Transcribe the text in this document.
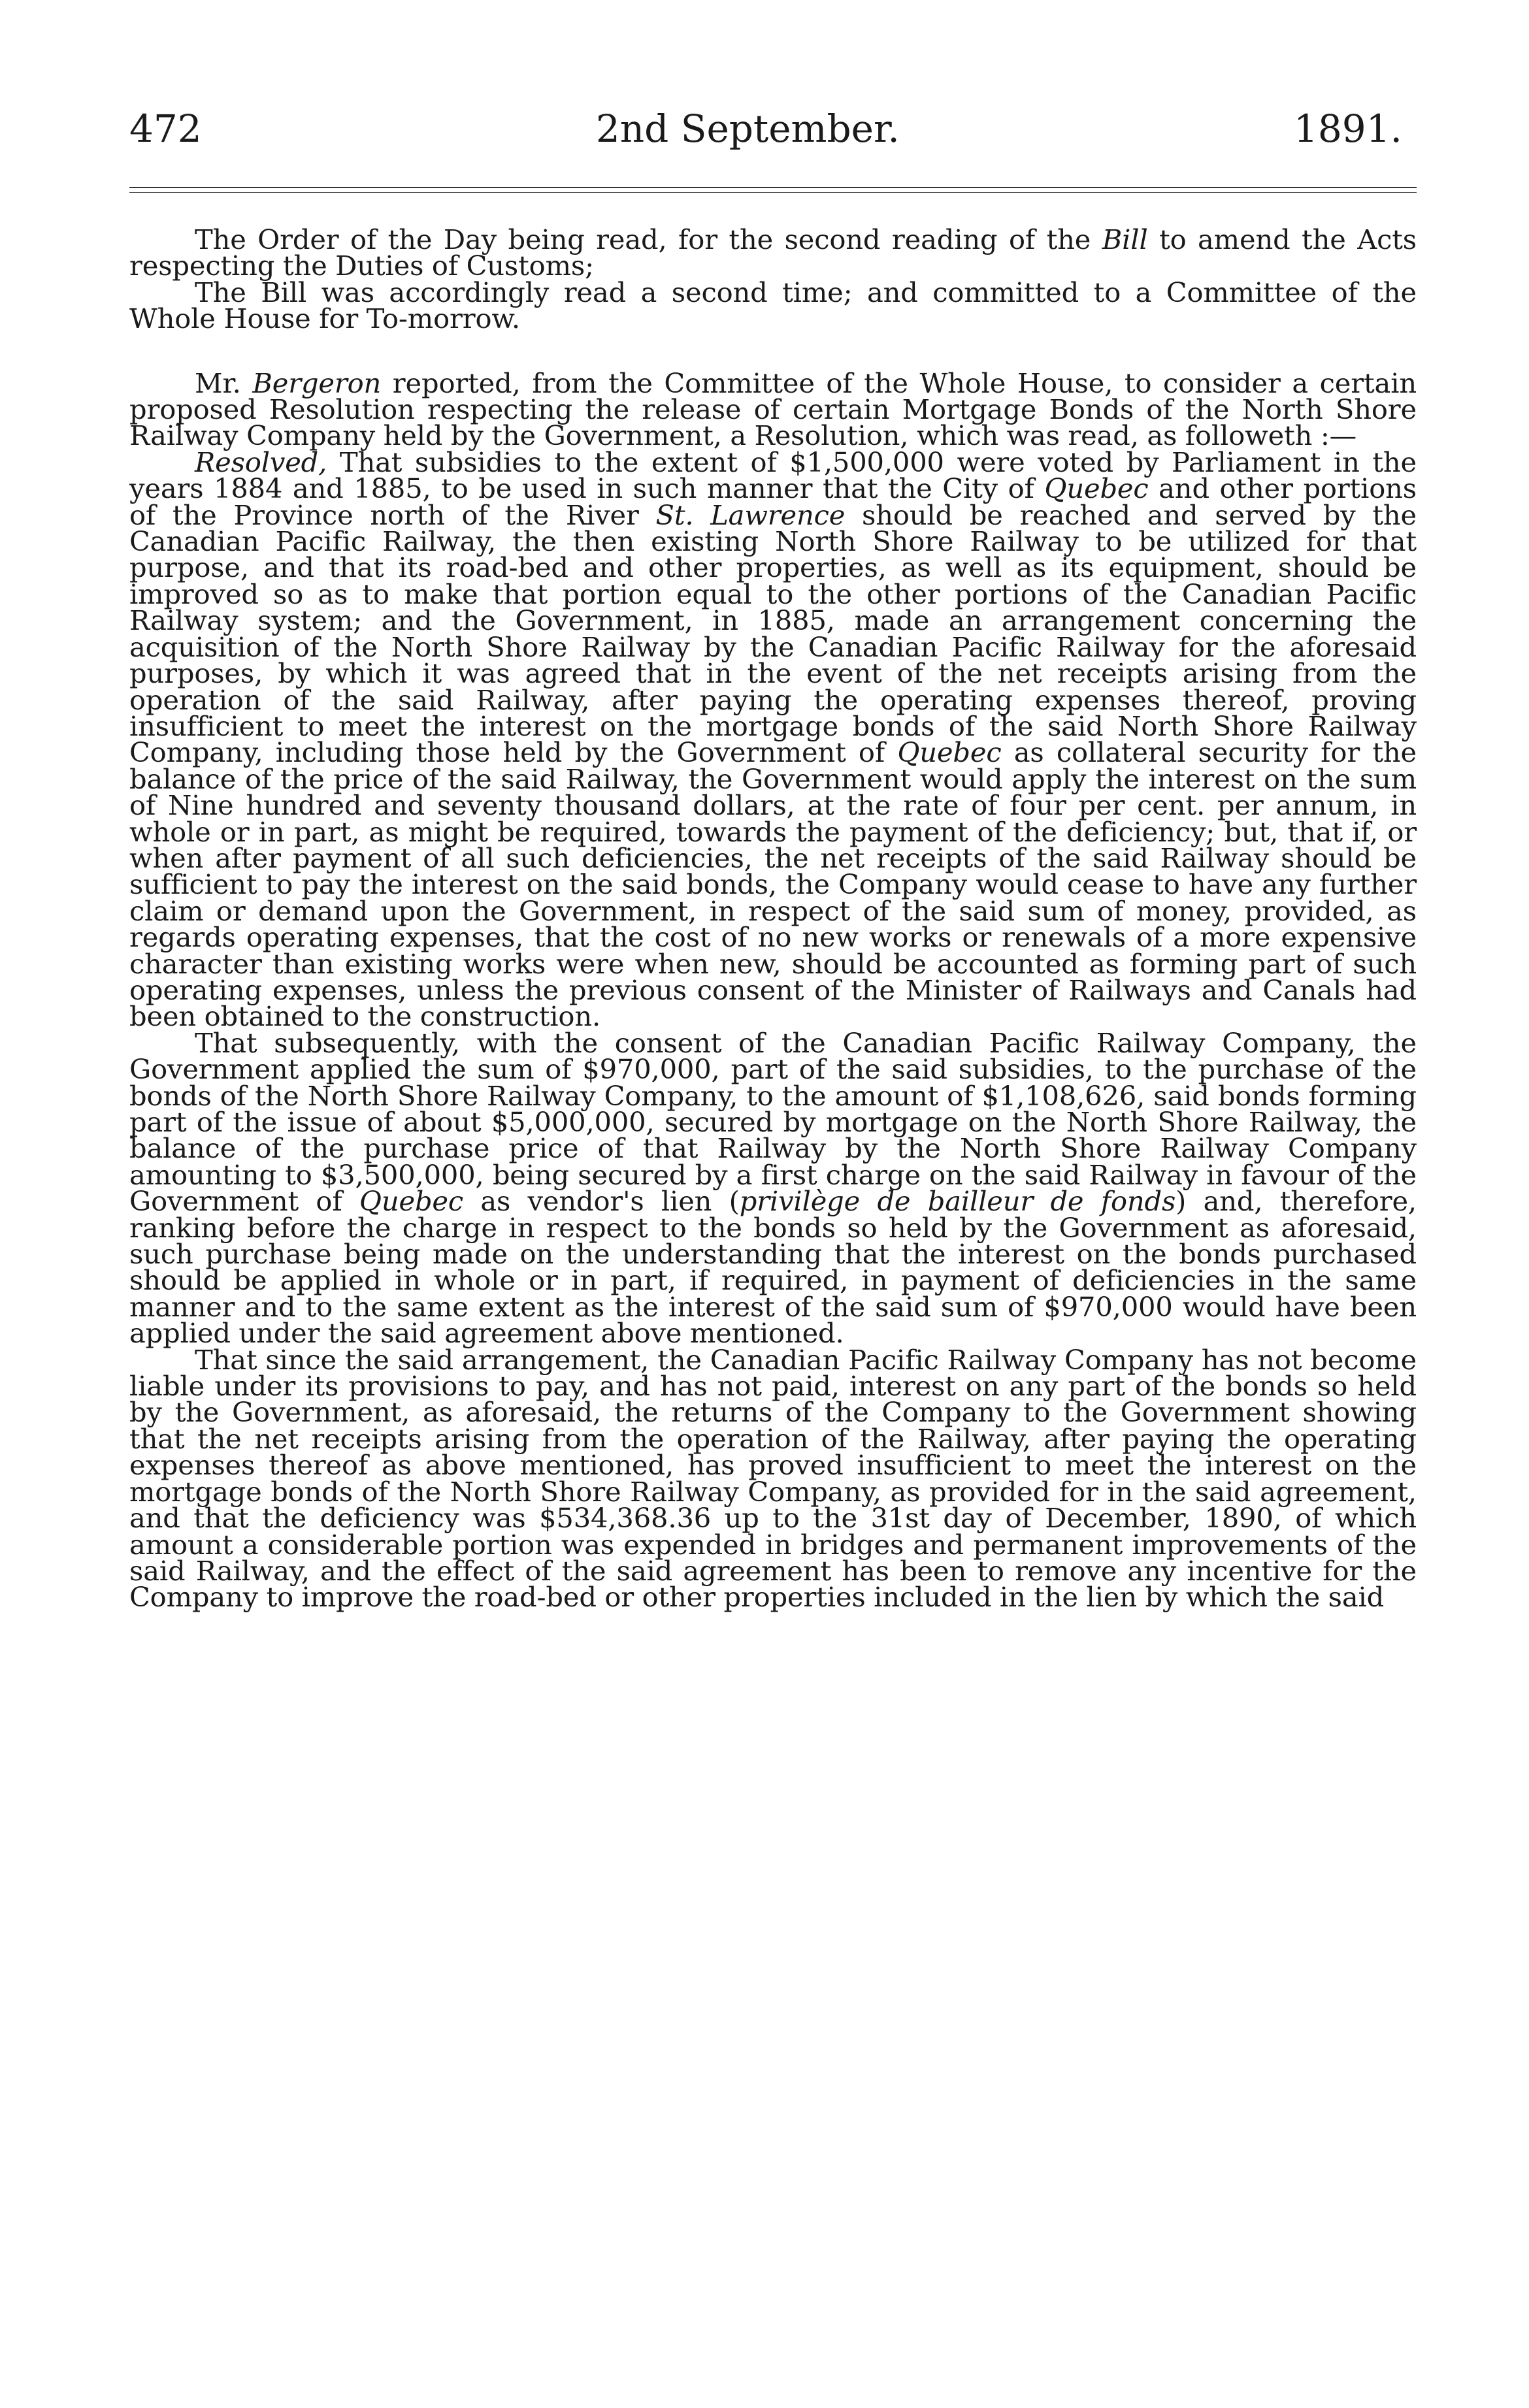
472	2nd September.	1891.

The Order of the Day being read, for the second reading of the Bill to amend the Acts respecting the Duties of Customs;

The Bill was accordingly read a second time; and committed to a Committee of the Whole House for To-morrow.

Mr. Bergeron reported, from the Committee of the Whole House, to consider a certain proposed Resolution respecting the release of certain Mortgage Bonds of the North Shore Railway Company held by the Government, a Resolution, which was read, as followeth :—

Resolved, That subsidies to the extent of $1,500,000 were voted by Parliament in the years 1884 and 1885, to be used in such manner that the City of Quebec and other portions of the Province north of the River St. Lawrence should be reached and served by the Canadian Pacific Railway, the then existing North Shore Railway to be utilized for that purpose, and that its road-bed and other properties, as well as its equipment, should be improved so as to make that portion equal to the other portions of the Canadian Pacific Railway system; and the Government, in 1885, made an arrangement concerning the acquisition of the North Shore Railway by the Canadian Pacific Railway for the aforesaid purposes, by which it was agreed that in the event of the net receipts arising from the operation of the said Railway, after paying the operating expenses thereof, proving insufficient to meet the interest on the mortgage bonds of the said North Shore Railway Company, including those held by the Government of Quebec as collateral security for the balance of the price of the said Railway, the Government would apply the interest on the sum of Nine hundred and seventy thousand dollars, at the rate of four per cent. per annum, in whole or in part, as might be required, towards the payment of the deficiency; but, that if, or when after payment of all such deficiencies, the net receipts of the said Railway should be sufficient to pay the interest on the said bonds, the Company would cease to have any further claim or demand upon the Government, in respect of the said sum of money, provided, as regards operating expenses, that the cost of no new works or renewals of a more expensive character than existing works were when new, should be accounted as forming part of such operating expenses, unless the previous consent of the Minister of Railways and Canals had been obtained to the construction.

That subsequently, with the consent of the Canadian Pacific Railway Company, the Government applied the sum of $970,000, part of the said subsidies, to the purchase of the bonds of the North Shore Railway Company, to the amount of $1,108,626, said bonds forming part of the issue of about $5,000,000, secured by mortgage on the North Shore Railway, the balance of the purchase price of that Railway by the North Shore Railway Company amounting to $3,500,000, being secured by a first charge on the said Railway in favour of the Government of Quebec as vendor's lien (privilège de bailleur de fonds) and, therefore, ranking before the charge in respect to the bonds so held by the Government as aforesaid, such purchase being made on the understanding that the interest on the bonds purchased should be applied in whole or in part, if required, in payment of deficiencies in the same manner and to the same extent as the interest of the said sum of $970,000 would have been applied under the said agreement above mentioned.

That since the said arrangement, the Canadian Pacific Railway Company has not become liable under its provisions to pay, and has not paid, interest on any part of the bonds so held by the Government, as aforesaid, the returns of the Company to the Government showing that the net receipts arising from the operation of the Railway, after paying the operating expenses thereof as above mentioned, has proved insufficient to meet the interest on the mortgage bonds of the North Shore Railway Company, as provided for in the said agreement, and that the deficiency was $534,368.36 up to the 31st day of December, 1890, of which amount a considerable portion was expended in bridges and permanent improvements of the said Railway, and the effect of the said agreement has been to remove any incentive for the Company to improve the road-bed or other properties included in the lien by which the said
